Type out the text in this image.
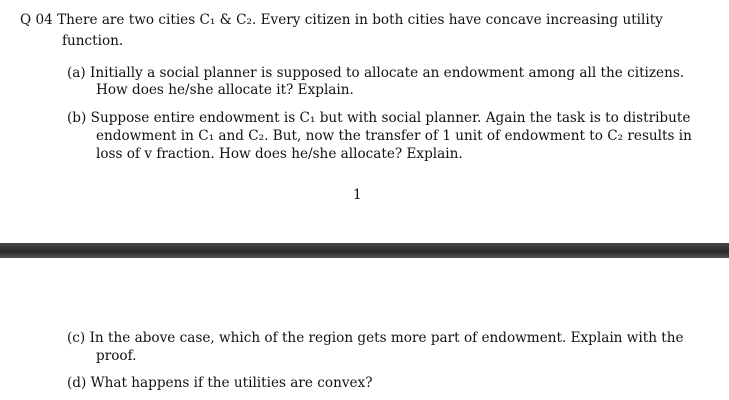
Q 04 There are two cities C₁ & C₂. Every citizen in both cities have concave increasing utility
function.
(a) Initially a social planner is supposed to allocate an endowment among all the citizens.
How does he/she allocate it? Explain.
(b) Suppose entire endowment is C₁ but with social planner. Again the task is to distribute
endowment in C₁ and C₂. But, now the transfer of 1 unit of endowment to C₂ results in
loss of v fraction. How does he/she allocate? Explain.
1
(c) In the above case, which of the region gets more part of endowment. Explain with the
proof.
(d) What happens if the utilities are convex?
